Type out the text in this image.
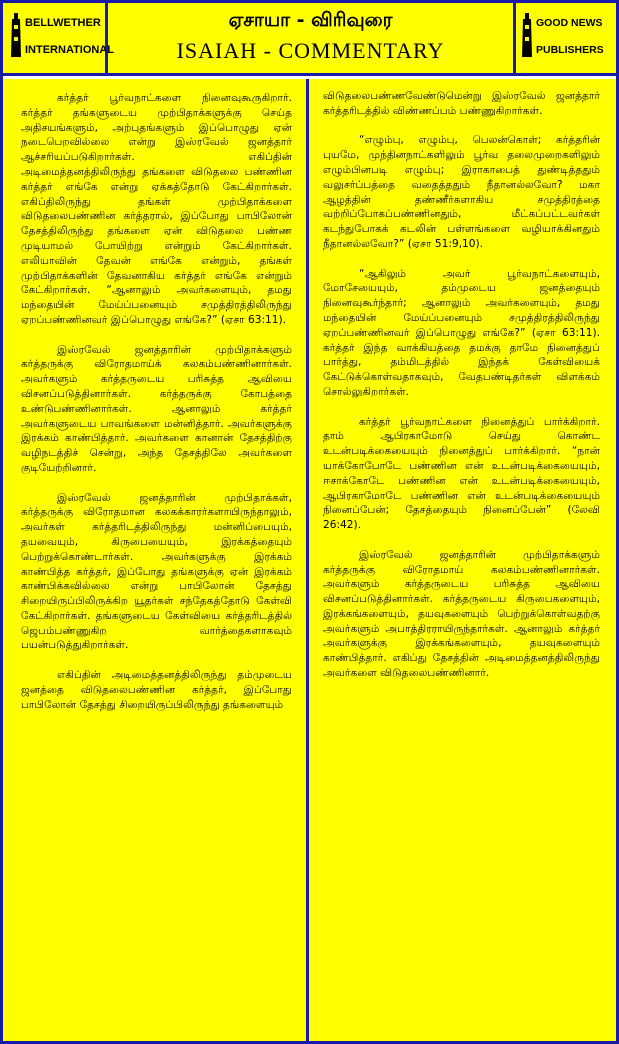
BELLWETHER
INTERNATIONAL
ஏசாயா - விரிவுரை
ISAIAH - COMMENTARY
GOOD NEWS
PUBLISHERS

கர்த்தர் பூர்வநாட்களை நினைவுகூருகிறார். கர்த்தர் தங்களுடைய முற்பிதாக்களுக்கு செய்த அதிசயங்களும், அற்புதங்களும் இப்பொழுது ஏன் நடைபெறவில்லை என்று இஸ்ரவேல் ஜனத்தார் ஆச்சரியப்படுகிறார்கள். எகிப்தின் அடிமைத்தனத்திலிருந்து தங்களை விடுதலை பண்ணின கர்த்தர் எங்கே என்று ஏக்கத்தோடு கேட்கிறார்கள். எகிப்திலிருந்து தங்கள் முற்பிதாக்களை விடுதலைபண்ணின கர்த்தரால், இப்போது பாபிலோன் தேசத்திலிருந்து தங்களை ஏன் விடுதலை பண்ண முடியாமல் போயிற்று என்றும் கேட்கிறார்கள். எலியாவின் தேவன் எங்கே என்றும், தங்கள் முற்பிதாக்களின் தேவனாகிய கர்த்தர் எங்கே என்றும் கேட்கிறார்கள். “ஆனாலும் அவர்களையும், தமது மந்தையின் மேய்ப்பனையும் சமுத்திரத்திலிருந்து ஏறப்பண்ணினவர் இப்பொழுது எங்கே?” (ஏசா 63:11).

இஸ்ரவேல் ஜனத்தாரின் முற்பிதாக்களும் கர்த்தருக்கு விரோதமாய்க் கலகம்பண்ணினார்கள். அவர்களும் கர்த்தருடைய பரிசுத்த ஆவியை விசனப்படுத்தினார்கள். கர்த்தருக்கு கோபத்தை உண்டுபண்ணினார்கள். ஆனாலும் கர்த்தர் அவர்களுடைய பாவங்களை மன்னித்தார். அவர்களுக்கு இரக்கம் காண்பித்தார். அவர்களை கானான் தேசத்திற்கு வழிநடத்திச் சென்று, அந்த தேசத்திலே அவர்களை குடியேற்றினார்.

இஸ்ரவேல் ஜனத்தாரின் முற்பிதாக்கள், கர்த்தருக்கு விரோதமான கலகக்காரர்களாயிருந்தாலும், அவர்கள் கர்த்தரிடத்திலிருந்து மன்னிப்பையும், தயவையும், கிருபையையும், இரக்கத்தையும் பெற்றுக்கொண்டார்கள். அவர்களுக்கு இரக்கம் காண்பித்த கர்த்தர், இப்போது தங்களுக்கு ஏன் இரக்கம் காண்பிக்கவில்லை என்று பாபிலோன் தேசத்து சிறையிருப்பிலிருக்கிற யூதர்கள் சந்தேகத்தோடு கேள்வி கேட்கிறார்கள். தங்களுடைய கேள்வியை கர்த்தரிடத்தில் ஜெபம்பண்ணுகிற வார்த்தைகளாகவும் பயன்படுத்துகிறார்கள்.

எகிப்தின் அடிமைத்தனத்திலிருந்து தம்முடைய ஜனத்தை விடுதலைபண்ணின கர்த்தர், இப்போது பாபிலோன் தேசத்து சிறையிருப்பிலிருந்து தங்களையும்

விடுதலைபண்ணவேண்டுமென்று இஸ்ரவேல் ஜனத்தார் கர்த்தரிடத்தில் விண்ணப்பம் பண்ணுகிறார்கள்.

“எழும்பு, எழும்பு, பெலன்கொள்; கர்த்தரின் புயமே, முந்தினநாட்களிலும் பூர்வ தலைமுறைகளிலும் எழும்பினபடி எழும்பு; இராகாபைத் துண்டித்ததும் வலுசர்ப்பத்தை வதைத்ததும் நீதானல்லவோ? மகா ஆழத்தின் தண்ணீர்களாகிய சமுத்திரத்தை வற்றிப்போகப்பண்ணினதும், மீட்கப்பட்டவர்கள் கடந்துபோகக் கடலின் பள்ளங்களை வழியாக்கினதும் நீதானல்லவோ?” (ஏசா 51:9,10).

“ஆகிலும் அவர் பூர்வநாட்களையும், மோசேயையும், தம்முடைய ஜனத்தையும் நினைவுகூர்ந்தார்; ஆனாலும் அவர்களையும், தமது மந்தையின் மேய்ப்பனையும் சமுத்திரத்திலிருந்து ஏறப்பண்ணினவர் இப்பொழுது எங்கே?” (ஏசா 63:11). கர்த்தர் இந்த வாக்கியத்தை தமக்கு தாமே நினைத்துப் பார்த்து, தம்மிடத்தில் இந்தக் கேள்வியைக் கேட்டுக்கொள்வதாகவும், வேதபண்டிதர்கள் விளக்கம் சொல்லுகிறார்கள்.

கர்த்தர் பூர்வநாட்களை நினைத்துப் பார்க்கிறார். தாம் ஆபிரகாமோடு செய்து கொண்ட உடன்படிக்கையையும் நினைத்துப் பார்க்கிறார். “நான் யாக்கோபோடே பண்ணின என் உடன்படிக்கையையும், ஈசாக்கோடே பண்ணின என் உடன்படிக்கையையும், ஆபிரகாமோடே பண்ணின என் உடன்படிக்கையையும் நினைப்பேன்; தேசத்தையும் நினைப்பேன்” (லேவி 26:42).

இஸ்ரவேல் ஜனத்தாரின் முற்பிதாக்களும் கர்த்தருக்கு விரோதமாய் கலகம்பண்ணினார்கள். அவர்களும் கர்த்தருடைய பரிசுத்த ஆவியை விசனப்படுத்தினார்கள். கர்த்தருடைய கிருபைகளையும், இரக்கங்களையும், தயவுகளையும் பெற்றுக்கொள்வதற்கு அவர்களும் அபாத்திரராயிருந்தார்கள். ஆனாலும் கர்த்தர் அவர்களுக்கு இரக்கங்களையும், தயவுகளையும் காண்பித்தார். எகிப்து தேசத்தின் அடிமைத்தனத்திலிருந்து அவர்களை விடுதலைபண்ணினார்.
